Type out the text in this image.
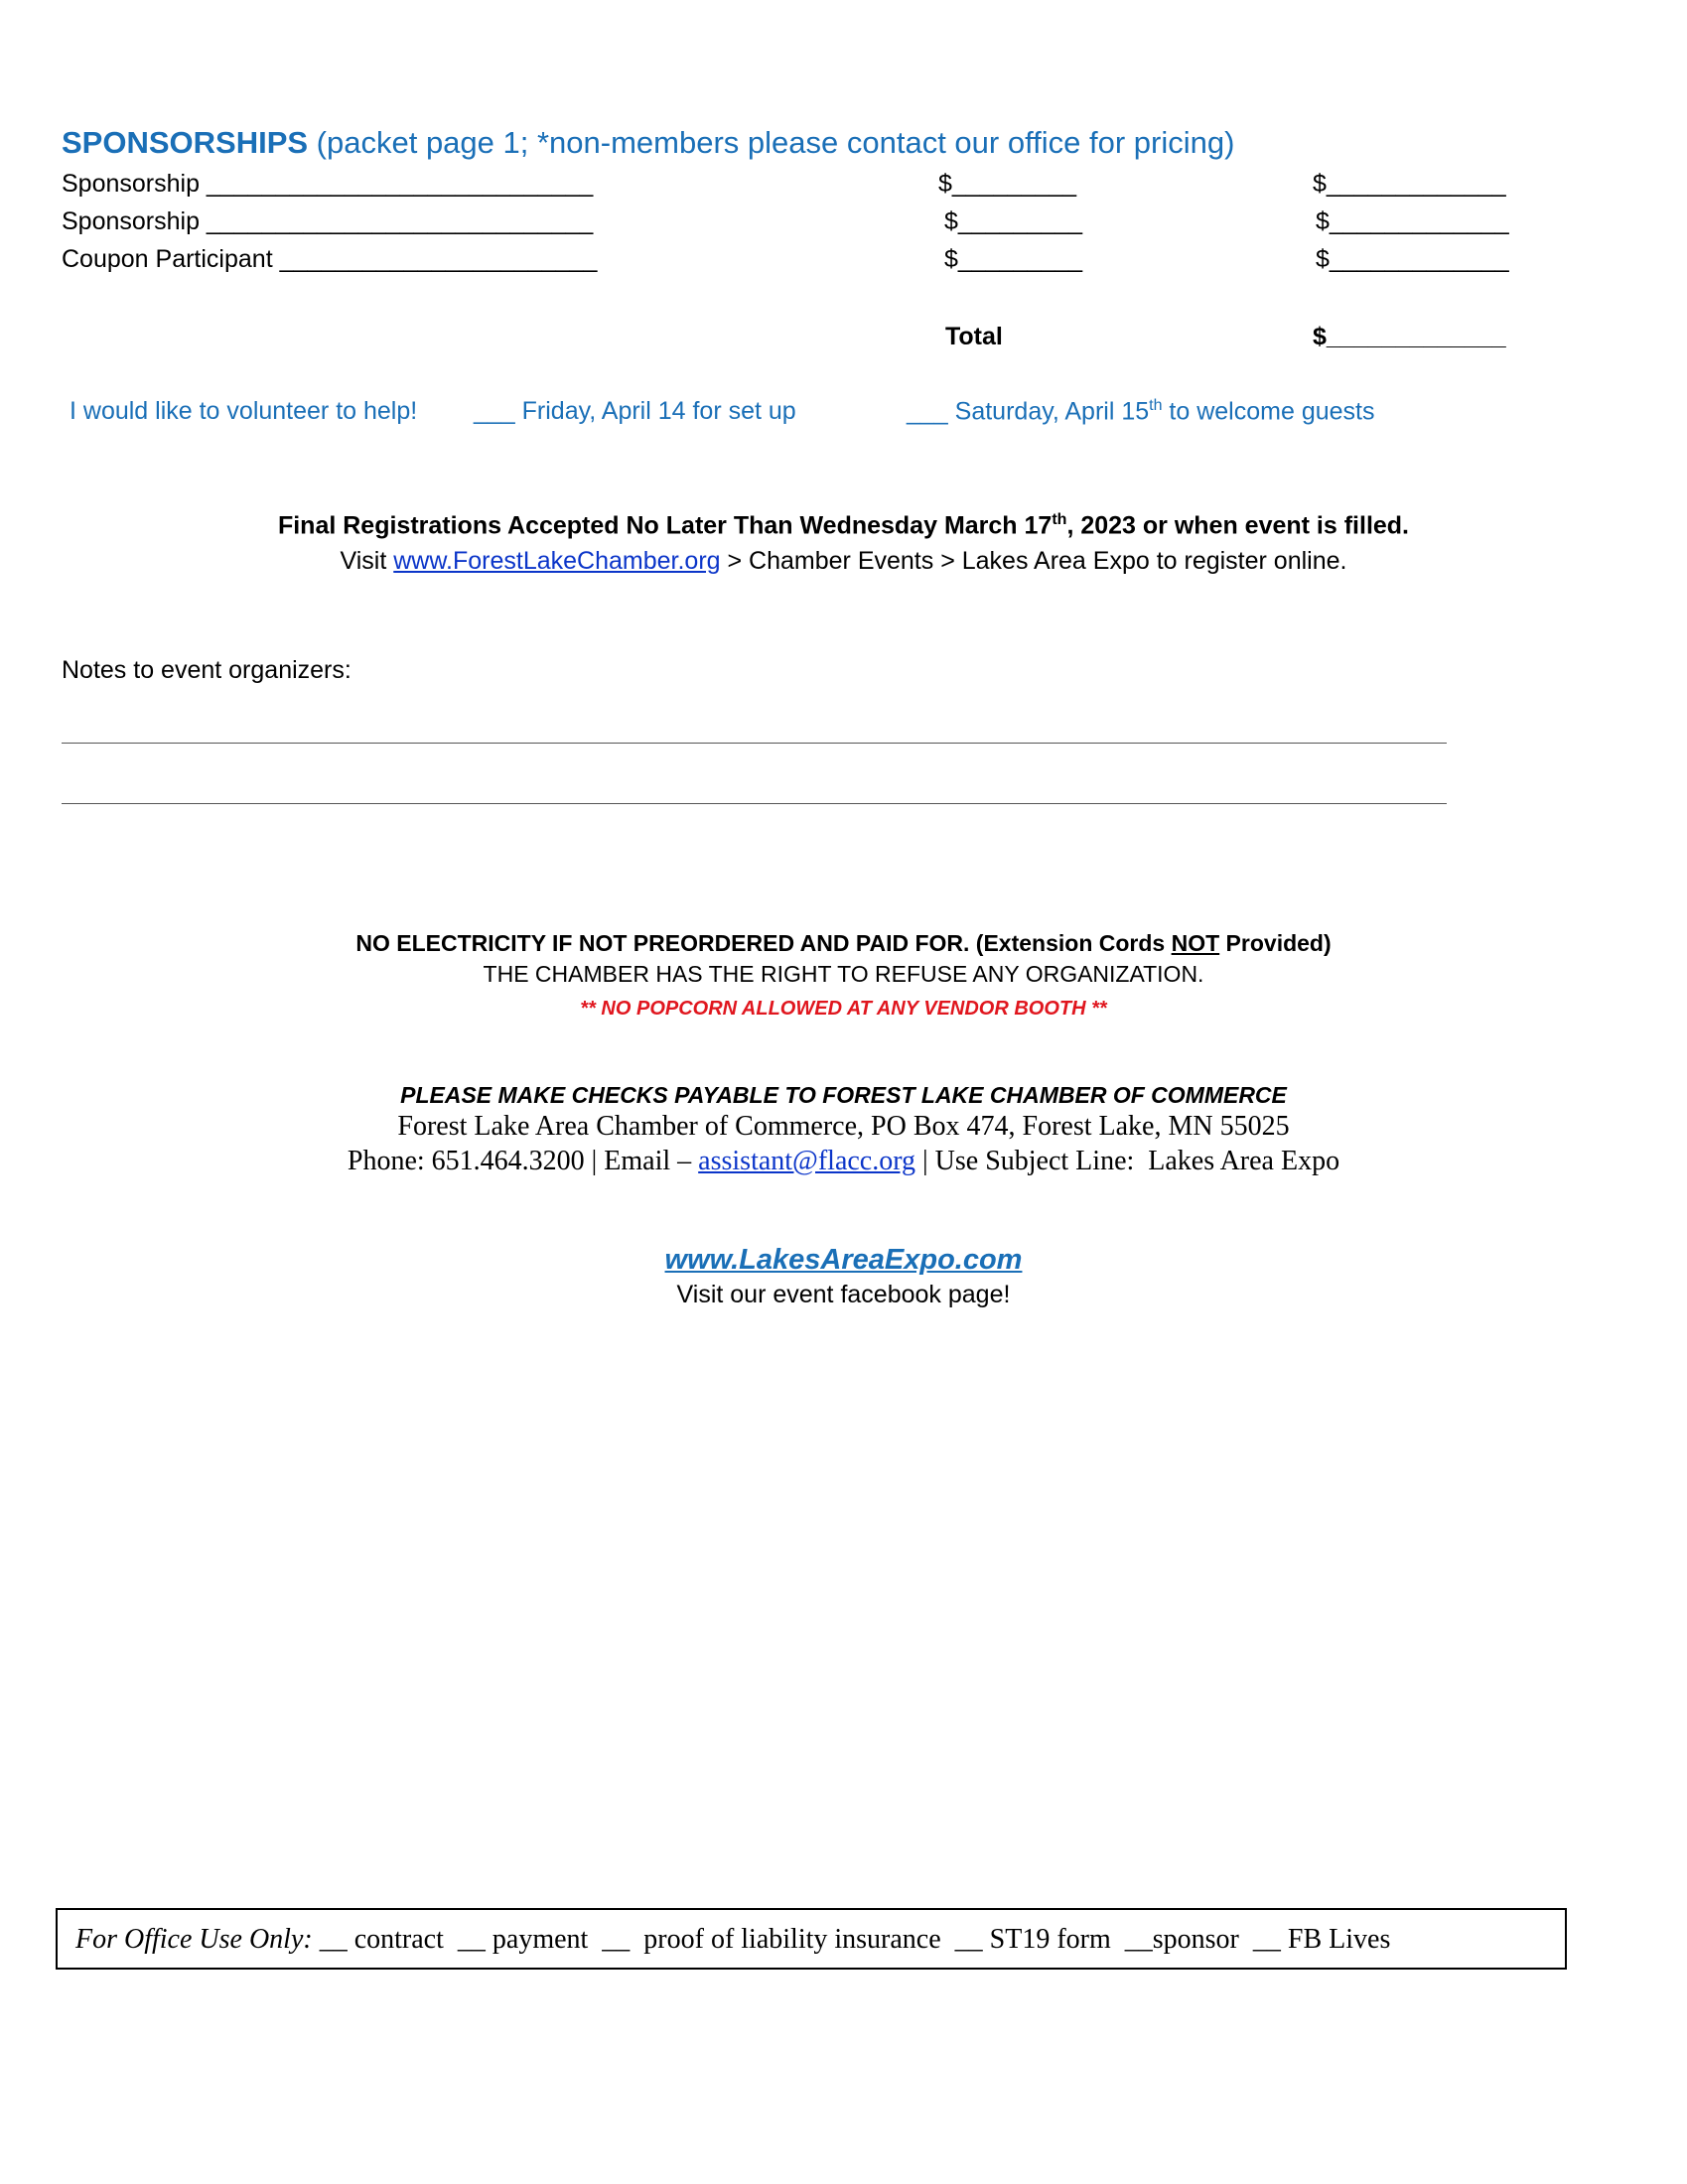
SPONSORSHIPS (packet page 1; *non-members please contact our office for pricing)
Sponsorship ____________________________	$_________	$_____________
Sponsorship ____________________________	$_________	$_____________
Coupon Participant _______________________	$_________	$_____________
Total	$_____________
I would like to volunteer to help! ___ Friday, April 14 for set up	___ Saturday, April 15th to welcome guests
Final Registrations Accepted No Later Than Wednesday March 17th, 2023 or when event is filled.
Visit www.ForestLakeChamber.org > Chamber Events > Lakes Area Expo to register online.
Notes to event organizers:
NO ELECTRICITY IF NOT PREORDERED AND PAID FOR. (Extension Cords NOT Provided)
THE CHAMBER HAS THE RIGHT TO REFUSE ANY ORGANIZATION.
** NO POPCORN ALLOWED AT ANY VENDOR BOOTH **
PLEASE MAKE CHECKS PAYABLE TO FOREST LAKE CHAMBER OF COMMERCE
Forest Lake Area Chamber of Commerce, PO Box 474, Forest Lake, MN 55025
Phone: 651.464.3200 | Email – assistant@flacc.org | Use Subject Line:  Lakes Area Expo
www.LakesAreaExpo.com
Visit our event facebook page!
For Office Use Only: __ contract  __ payment  __  proof of liability insurance  __ ST19 form  __sponsor  __ FB Lives
